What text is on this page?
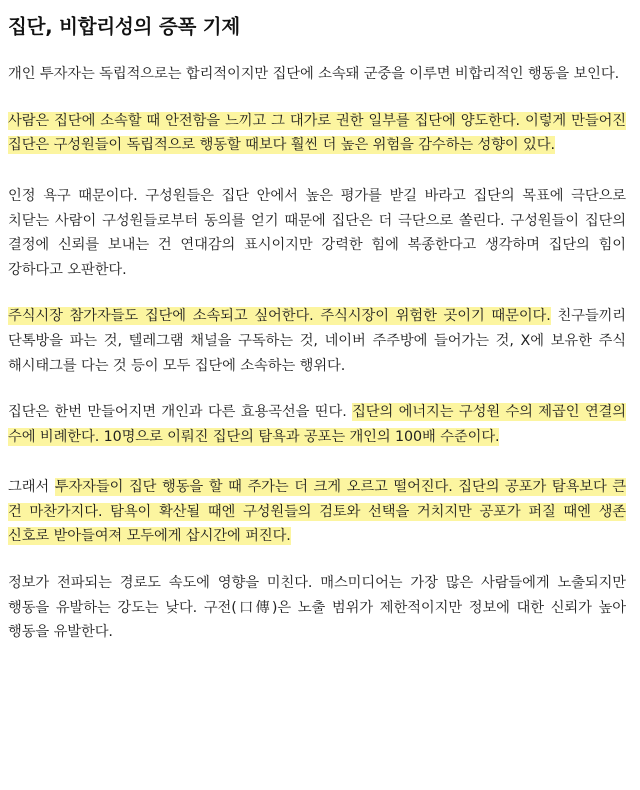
집단, 비합리성의 증폭 기제

개인 투자자는 독립적으로는 합리적이지만 집단에 소속돼 군중을 이루면 비합리적인 행동을 보인다.

사람은 집단에 소속할 때 안전함을 느끼고 그 대가로 권한 일부를 집단에 양도한다. 이렇게 만들어진 집단은 구성원들이 독립적으로 행동할 때보다 훨씬 더 높은 위험을 감수하는 성향이 있다.

인정 욕구 때문이다. 구성원들은 집단 안에서 높은 평가를 받길 바라고 집단의 목표에 극단으로 치닫는 사람이 구성원들로부터 동의를 얻기 때문에 집단은 더 극단으로 쏠린다. 구성원들이 집단의 결정에 신뢰를 보내는 건 연대감의 표시이지만 강력한 힘에 복종한다고 생각하며 집단의 힘이 강하다고 오판한다.

주식시장 참가자들도 집단에 소속되고 싶어한다. 주식시장이 위험한 곳이기 때문이다. 친구들끼리 단톡방을 파는 것, 텔레그램 채널을 구독하는 것, 네이버 주주방에 들어가는 것, X에 보유한 주식 해시태그를 다는 것 등이 모두 집단에 소속하는 행위다.

집단은 한번 만들어지면 개인과 다른 효용곡선을 띤다. 집단의 에너지는 구성원 수의 제곱인 연결의 수에 비례한다. 10명으로 이뤄진 집단의 탐욕과 공포는 개인의 100배 수준이다.

그래서 투자자들이 집단 행동을 할 때 주가는 더 크게 오르고 떨어진다. 집단의 공포가 탐욕보다 큰 건 마찬가지다. 탐욕이 확산될 때엔 구성원들의 검토와 선택을 거치지만 공포가 퍼질 때엔 생존 신호로 받아들여져 모두에게 삽시간에 퍼진다.

정보가 전파되는 경로도 속도에 영향을 미친다. 매스미디어는 가장 많은 사람들에게 노출되지만 행동을 유발하는 강도는 낮다. 구전(口傳)은 노출 범위가 제한적이지만 정보에 대한 신뢰가 높아 행동을 유발한다.
